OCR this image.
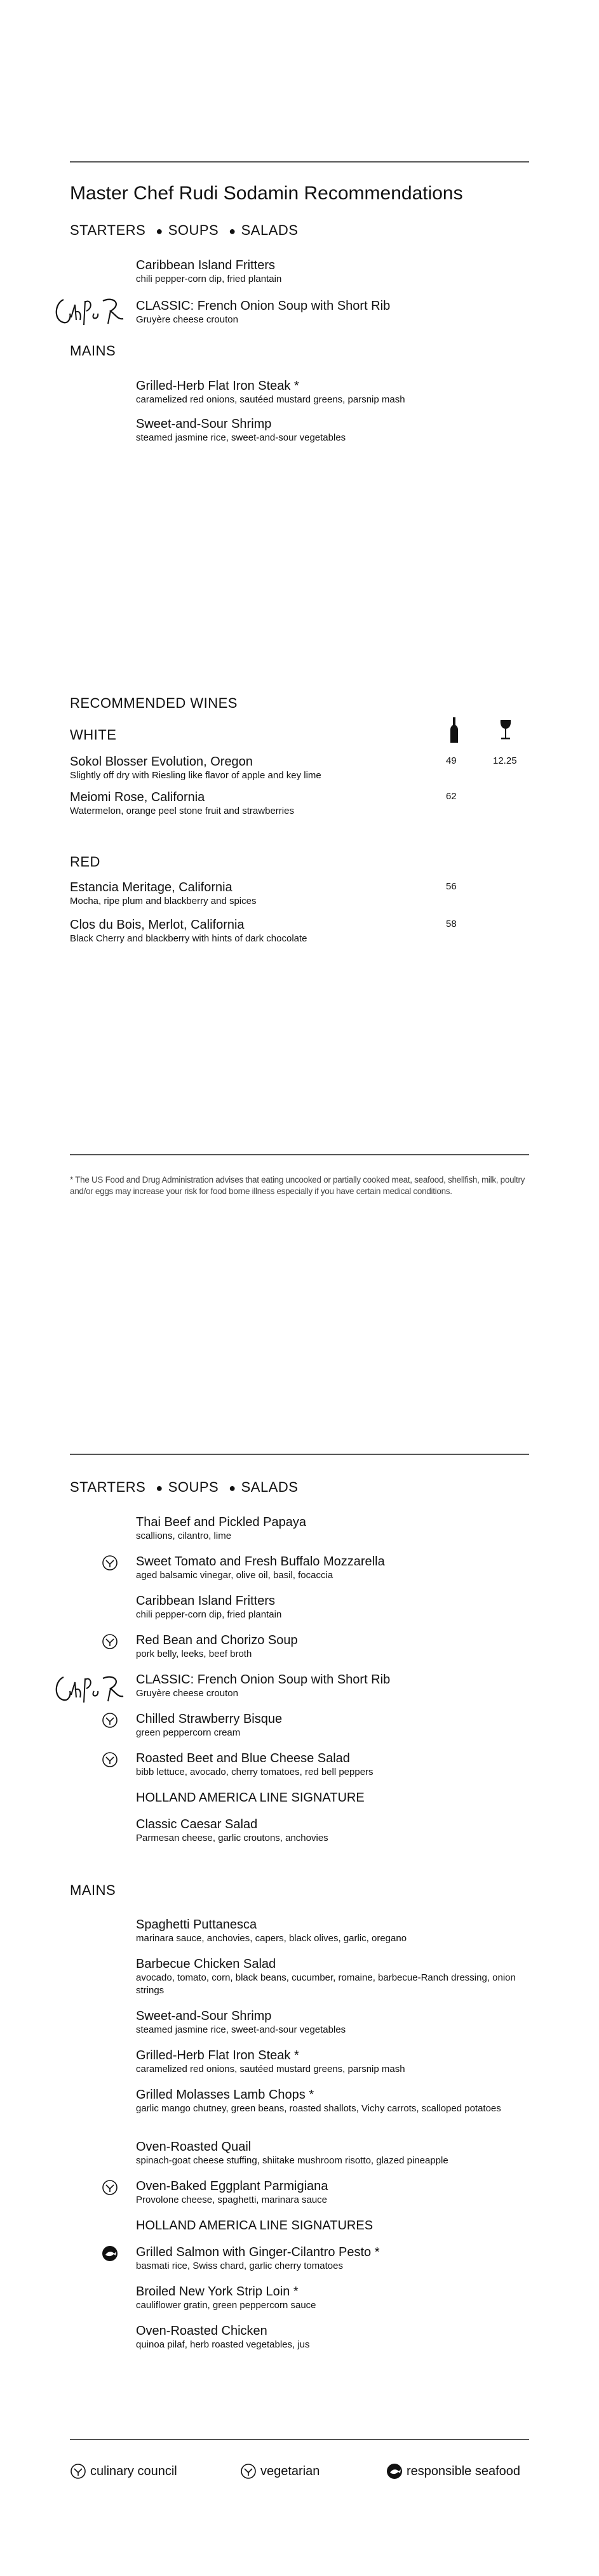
Master Chef Rudi Sodamin Recommendations
STARTERS ● SOUPS ● SALADS
Caribbean Island Fritters
chili pepper-corn dip, fried plantain
CLASSIC: French Onion Soup with Short Rib
Gruyère cheese crouton
MAINS
Grilled-Herb Flat Iron Steak *
caramelized red onions, sautéed mustard greens, parsnip mash
Sweet-and-Sour Shrimp
steamed jasmine rice, sweet-and-sour vegetables
RECOMMENDED WINES
WHITE
Sokol Blosser Evolution, Oregon
Slightly off dry with Riesling like flavor of apple and key lime
49	12.25
Meiomi Rose, California
Watermelon, orange peel stone fruit and strawberries
62
RED
Estancia Meritage, California
Mocha, ripe plum and blackberry and spices
56
Clos du Bois, Merlot, California
Black Cherry and blackberry with hints of dark chocolate
58
* The US Food and Drug Administration advises that eating uncooked or partially cooked meat, seafood, shellfish, milk, poultry and/or eggs may increase your risk for food borne illness especially if you have certain medical conditions.
STARTERS ● SOUPS ● SALADS
Thai Beef and Pickled Papaya
scallions, cilantro, lime
Sweet Tomato and Fresh Buffalo Mozzarella
aged balsamic vinegar, olive oil, basil, focaccia
Caribbean Island Fritters
chili pepper-corn dip, fried plantain
Red Bean and Chorizo Soup
pork belly, leeks, beef broth
CLASSIC: French Onion Soup with Short Rib
Gruyère cheese crouton
Chilled Strawberry Bisque
green peppercorn cream
Roasted Beet and Blue Cheese Salad
bibb lettuce, avocado, cherry tomatoes, red bell peppers
HOLLAND AMERICA LINE SIGNATURE
Classic Caesar Salad
Parmesan cheese, garlic croutons, anchovies
MAINS
Spaghetti Puttanesca
marinara sauce, anchovies, capers, black olives, garlic, oregano
Barbecue Chicken Salad
avocado, tomato, corn, black beans, cucumber, romaine, barbecue-Ranch dressing, onion strings
Sweet-and-Sour Shrimp
steamed jasmine rice, sweet-and-sour vegetables
Grilled-Herb Flat Iron Steak *
caramelized red onions, sautéed mustard greens, parsnip mash
Grilled Molasses Lamb Chops *
garlic mango chutney, green beans, roasted shallots, Vichy carrots, scalloped potatoes
Oven-Roasted Quail
spinach-goat cheese stuffing, shiitake mushroom risotto, glazed pineapple
Oven-Baked Eggplant Parmigiana
Provolone cheese, spaghetti, marinara sauce
HOLLAND AMERICA LINE SIGNATURES
Grilled Salmon with Ginger-Cilantro Pesto *
basmati rice, Swiss chard, garlic cherry tomatoes
Broiled New York Strip Loin *
cauliflower gratin, green peppercorn sauce
Oven-Roasted Chicken
quinoa pilaf, herb roasted vegetables, jus
culinary council	vegetarian	responsible seafood
